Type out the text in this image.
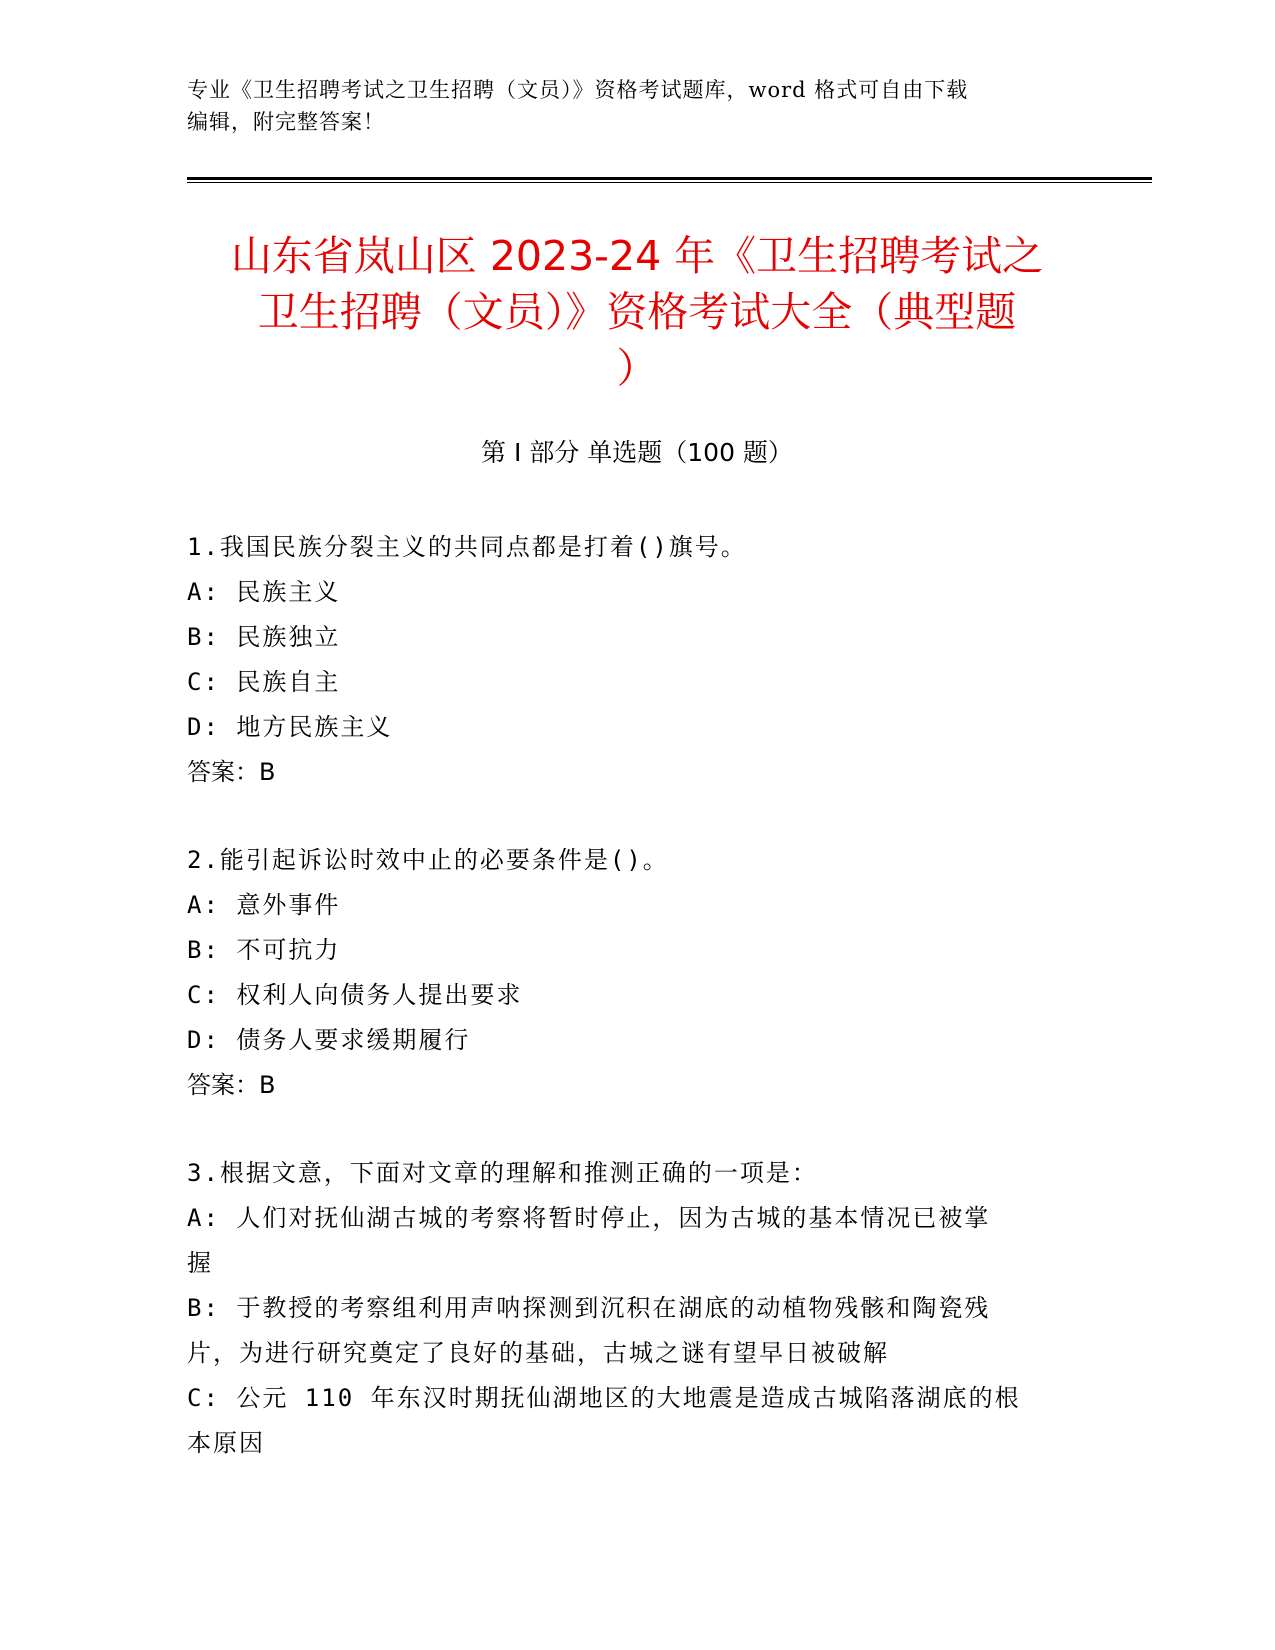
专业《卫生招聘考试之卫生招聘（文员）》资格考试题库，word 格式可自由下载
编辑，附完整答案！
山东省岚山区 2023-24 年《卫生招聘考试之
卫生招聘（文员）》资格考试大全（典型题
）
第 I 部分 单选题（100 题）

1.我国民族分裂主义的共同点都是打着()旗号。

A: 民族主义

B: 民族独立

C: 民族自主

D: 地方民族主义

答案：B

2.能引起诉讼时效中止的必要条件是()。

A: 意外事件

B: 不可抗力

C: 权利人向债务人提出要求

D: 债务人要求缓期履行

答案：B

3.根据文意，下面对文章的理解和推测正确的一项是：

A: 人们对抚仙湖古城的考察将暂时停止，因为古城的基本情况已被掌

握

B: 于教授的考察组利用声呐探测到沉积在湖底的动植物残骸和陶瓷残

片，为进行研究奠定了良好的基础，古城之谜有望早日被破解

C: 公元 110 年东汉时期抚仙湖地区的大地震是造成古城陷落湖底的根

本原因
